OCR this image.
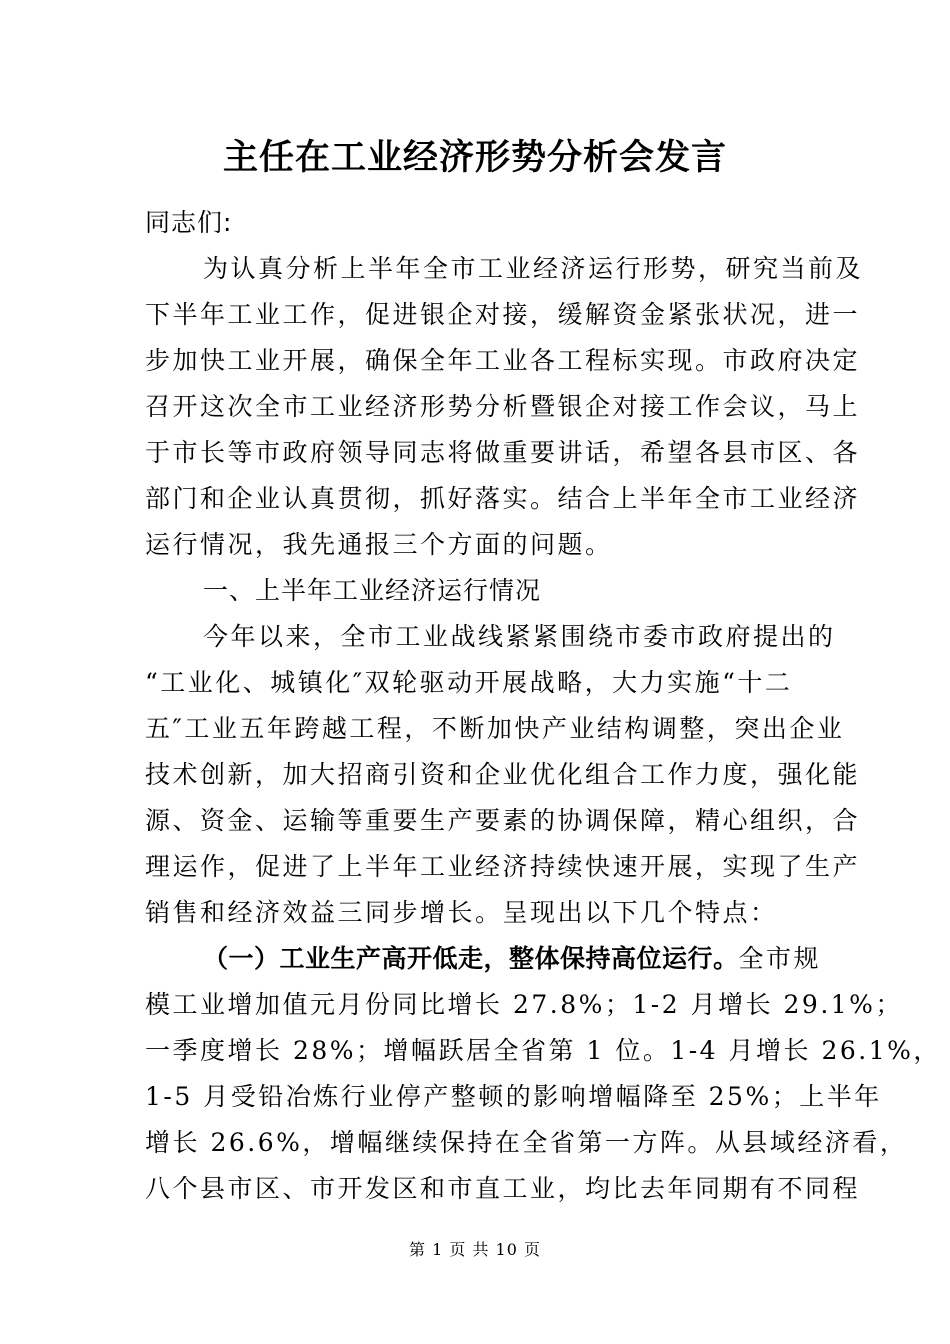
主任在工业经济形势分析会发言
同志们:
为认真分析上半年全市工业经济运行形势，研究当前及
下半年工业工作，促进银企对接，缓解资金紧张状况，进一
步加快工业开展，确保全年工业各工程标实现。市政府决定
召开这次全市工业经济形势分析暨银企对接工作会议，马上
于市长等市政府领导同志将做重要讲话，希望各县市区、各
部门和企业认真贯彻，抓好落实。结合上半年全市工业经济
运行情况，我先通报三个方面的问题。
一、上半年工业经济运行情况
今年以来，全市工业战线紧紧围绕市委市政府提出的
“工业化、城镇化″双轮驱动开展战略，大力实施“十二
五″工业五年跨越工程，不断加快产业结构调整，突出企业
技术创新，加大招商引资和企业优化组合工作力度，强化能
源、资金、运输等重要生产要素的协调保障，精心组织，合
理运作，促进了上半年工业经济持续快速开展，实现了生产
销售和经济效益三同步增长。呈现出以下几个特点：
（一）工业生产高开低走，整体保持高位运行。全市规
模工业增加值元月份同比增长 27.8%；1-2 月增长 29.1%；
一季度增长 28%；增幅跃居全省第 1 位。1-4 月增长 26.1%，
1-5 月受铅冶炼行业停产整顿的影响增幅降至 25%；上半年
增长 26.6%，增幅继续保持在全省第一方阵。从县域经济看，
八个县市区、市开发区和市直工业，均比去年同期有不同程
第 1 页 共 10 页
